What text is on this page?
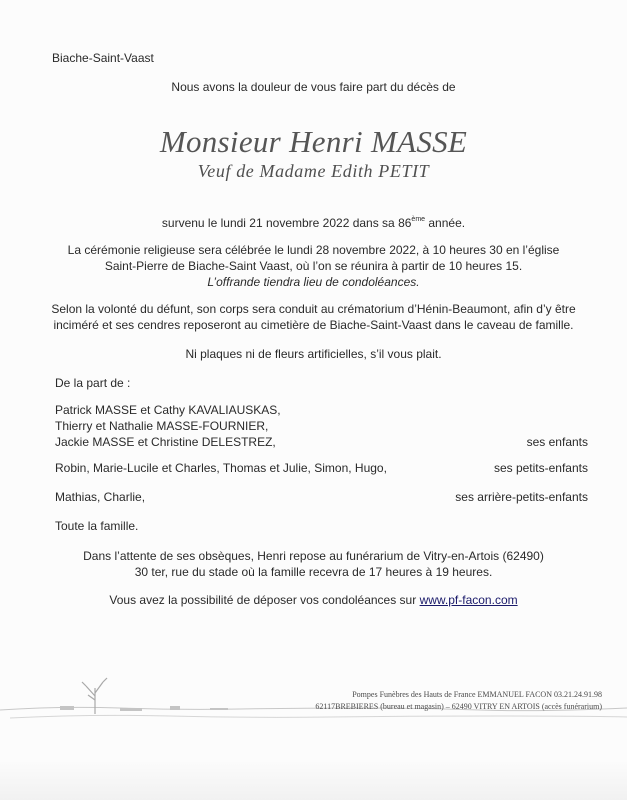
Biache-Saint-Vaast
Nous avons la douleur de vous faire part du décès de
Monsieur Henri MASSE
Veuf de Madame Edith PETIT
survenu le lundi 21 novembre 2022 dans sa 86ème année.
La cérémonie religieuse sera célébrée le lundi 28 novembre 2022, à 10 heures 30 en l’église
Saint-Pierre de Biache-Saint Vaast, où l’on se réunira à partir de 10 heures 15.
L’offrande tiendra lieu de condoléances.
Selon la volonté du défunt, son corps sera conduit au crématorium d’Hénin-Beaumont, afin d’y être
inciméré et ses cendres reposeront au cimetière de Biache-Saint-Vaast dans le caveau de famille.
Ni plaques ni de fleurs artificielles, s’il vous plait.
De la part de :
Patrick MASSE et Cathy KAVALIAUSKAS,
Thierry et Nathalie MASSE-FOURNIER,
Jackie MASSE et Christine DELESTREZ,	ses enfants
Robin, Marie-Lucile et Charles, Thomas et Julie, Simon, Hugo,	ses petits-enfants
Mathias, Charlie,	ses arrière-petits-enfants
Toute la famille.
Dans l’attente de ses obsèques, Henri repose au funérarium de Vitry-en-Artois (62490)
30 ter, rue du stade où la famille recevra de 17 heures à 19 heures.
Vous avez la possibilité de déposer vos condoléances sur www.pf-facon.com
Pompes Funèbres des Hauts de France EMMANUEL FACON 03.21.24.91.98
62117BREBIERES (bureau et magasin) – 62490 VITRY EN ARTOIS (accès funérarium)
